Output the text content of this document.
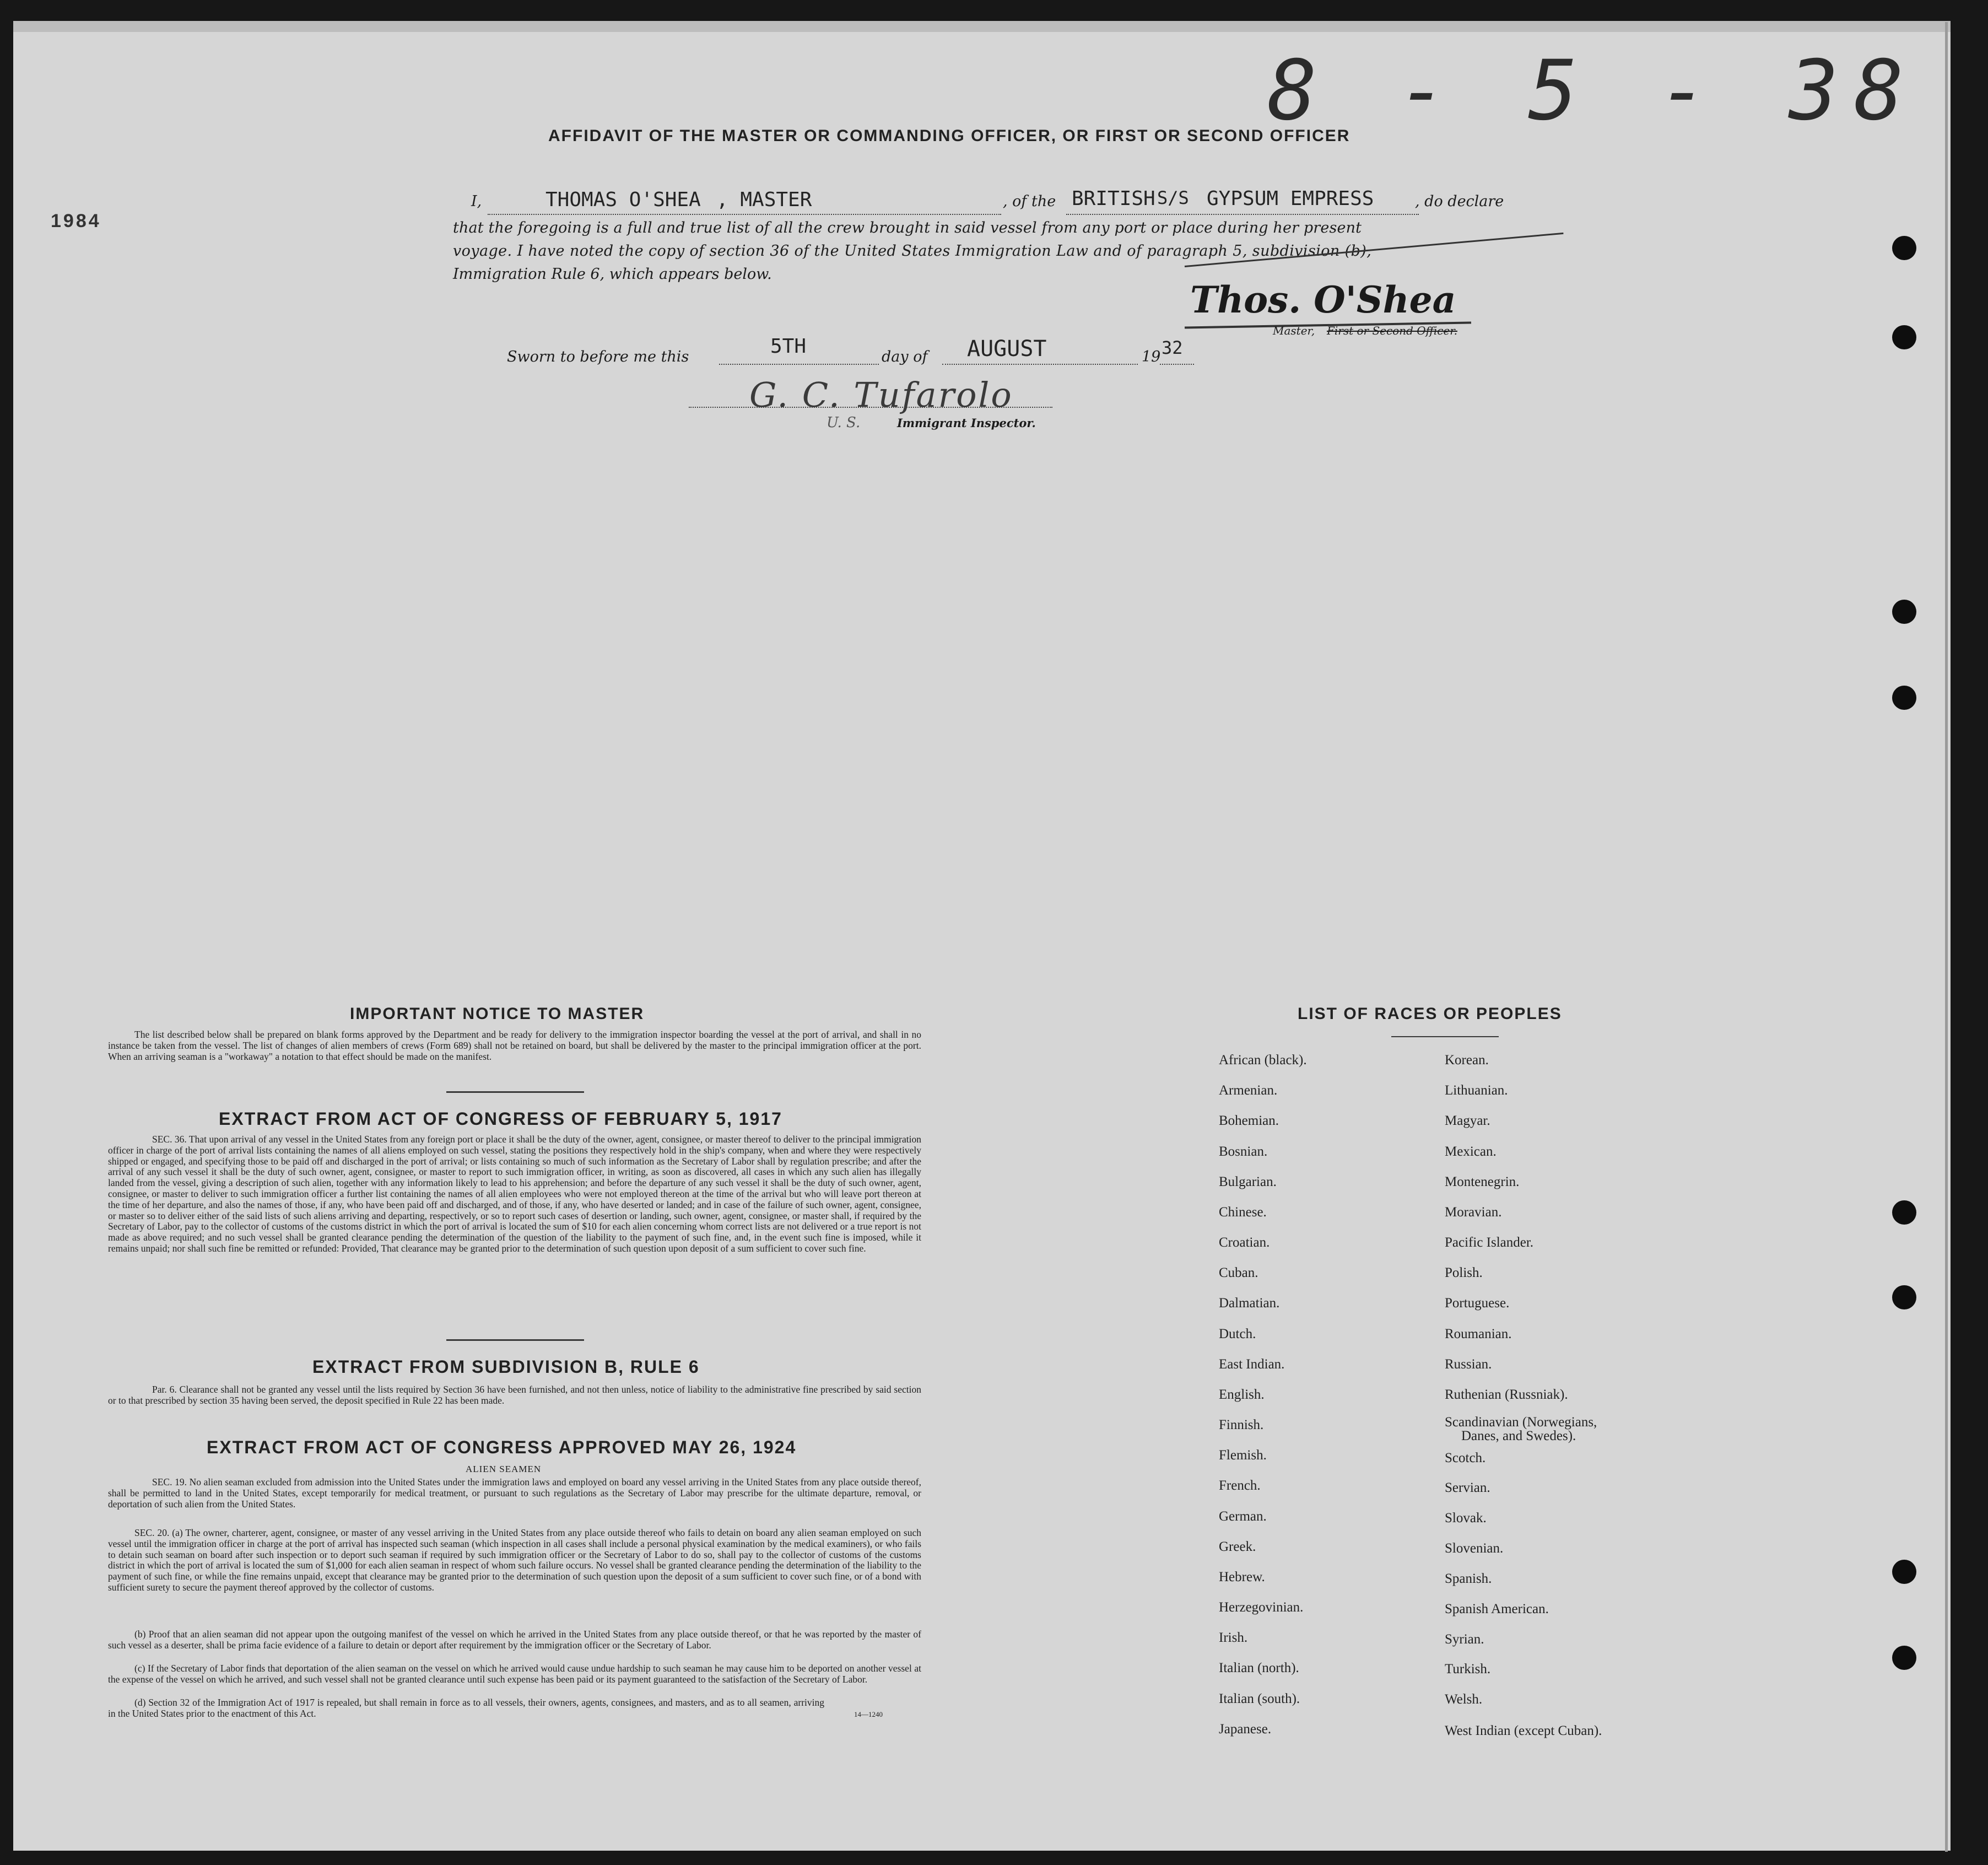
8 - 5 - 38
1984
AFFIDAVIT OF THE MASTER OR COMMANDING OFFICER, OR FIRST OR SECOND OFFICER
I,	THOMAS O'SHEA , MASTER	, of the BRITISH S/S GYPSUM EMPRESS	, do declare
that the foregoing is a full and true list of all the crew brought in said vessel from any port or place during her present
voyage. I have noted the copy of section 36 of the United States Immigration Law and of paragraph 5, subdivision (b),
Immigration Rule 6, which appears below.
Thos. O'Shea
Master, First or Second Officer.
Sworn to before me this	5TH	day of AUGUST	19 32
G. C. Tufarolo
U. S.	Immigrant Inspector.
IMPORTANT NOTICE TO MASTER
The list described below shall be prepared on blank forms approved by the Department and be ready for delivery to the immigration inspector boarding the vessel at the port of arrival, and shall in no instance be taken from the vessel. The list of changes of alien members of crews (Form 689) shall not be retained on board, but shall be delivered by the master to the principal immigration officer at the port. When an arriving seaman is a "workaway" a notation to that effect should be made on the manifest.
EXTRACT FROM ACT OF CONGRESS OF FEBRUARY 5, 1917
SEC. 36. That upon arrival of any vessel in the United States from any foreign port or place it shall be the duty of the owner, agent, consignee, or master thereof to deliver to the principal immigration officer in charge of the port of arrival lists containing the names of all aliens employed on such vessel, stating the positions they respectively hold in the ship's company, when and where they were respectively shipped or engaged, and specifying those to be paid off and discharged in the port of arrival; or lists containing so much of such information as the Secretary of Labor shall by regulation prescribe; and after the arrival of any such vessel it shall be the duty of such owner, agent, consignee, or master to report to such immigration officer, in writing, as soon as discovered, all cases in which any such alien has illegally landed from the vessel, giving a description of such alien, together with any information likely to lead to his apprehension; and before the departure of any such vessel it shall be the duty of such owner, agent, consignee, or master to deliver to such immigration officer a further list containing the names of all alien employees who were not employed thereon at the time of the arrival but who will leave port thereon at the time of her departure, and also the names of those, if any, who have been paid off and discharged, and of those, if any, who have deserted or landed; and in case of the failure of such owner, agent, consignee, or master so to deliver either of the said lists of such aliens arriving and departing, respectively, or so to report such cases of desertion or landing, such owner, agent, consignee, or master shall, if required by the Secretary of Labor, pay to the collector of customs of the customs district in which the port of arrival is located the sum of $10 for each alien concerning whom correct lists are not delivered or a true report is not made as above required; and no such vessel shall be granted clearance pending the determination of the question of the liability to the payment of such fine, and, in the event such fine is imposed, while it remains unpaid; nor shall such fine be remitted or refunded: Provided, That clearance may be granted prior to the determination of such question upon deposit of a sum sufficient to cover such fine.
EXTRACT FROM SUBDIVISION B, RULE 6
Par. 6. Clearance shall not be granted any vessel until the lists required by Section 36 have been furnished, and not then unless, notice of liability to the administrative fine prescribed by said section or to that prescribed by section 35 having been served, the deposit specified in Rule 22 has been made.
EXTRACT FROM ACT OF CONGRESS APPROVED MAY 26, 1924
ALIEN SEAMEN
SEC. 19. No alien seaman excluded from admission into the United States under the immigration laws and employed on board any vessel arriving in the United States from any place outside thereof, shall be permitted to land in the United States, except temporarily for medical treatment, or pursuant to such regulations as the Secretary of Labor may prescribe for the ultimate departure, removal, or deportation of such alien from the United States.
SEC. 20. (a) The owner, charterer, agent, consignee, or master of any vessel arriving in the United States from any place outside thereof who fails to detain on board any alien seaman employed on such vessel until the immigration officer in charge at the port of arrival has inspected such seaman (which inspection in all cases shall include a personal physical examination by the medical examiners), or who fails to detain such seaman on board after such inspection or to deport such seaman if required by such immigration officer or the Secretary of Labor to do so, shall pay to the collector of customs of the customs district in which the port of arrival is located the sum of $1,000 for each alien seaman in respect of whom such failure occurs. No vessel shall be granted clearance pending the determination of the liability to the payment of such fine, or while the fine remains unpaid, except that clearance may be granted prior to the determination of such question upon the deposit of a sum sufficient to cover such fine, or of a bond with sufficient surety to secure the payment thereof approved by the collector of customs.
(b) Proof that an alien seaman did not appear upon the outgoing manifest of the vessel on which he arrived in the United States from any place outside thereof, or that he was reported by the master of such vessel as a deserter, shall be prima facie evidence of a failure to detain or deport after requirement by the immigration officer or the Secretary of Labor.
(c) If the Secretary of Labor finds that deportation of the alien seaman on the vessel on which he arrived would cause undue hardship to such seaman he may cause him to be deported on another vessel at the expense of the vessel on which he arrived, and such vessel shall not be granted clearance until such expense has been paid or its payment guaranteed to the satisfaction of the Secretary of Labor.
(d) Section 32 of the Immigration Act of 1917 is repealed, but shall remain in force as to all vessels, their owners, agents, consignees, and masters, and as to all seamen, arriving in the United States prior to the enactment of this Act.	14—1240
LIST OF RACES OR PEOPLES
African (black).
Armenian.
Bohemian.
Bosnian.
Bulgarian.
Chinese.
Croatian.
Cuban.
Dalmatian.
Dutch.
East Indian.
English.
Finnish.
Flemish.
French.
German.
Greek.
Hebrew.
Herzegovinian.
Irish.
Italian (north).
Italian (south).
Japanese.
Korean.
Lithuanian.
Magyar.
Mexican.
Montenegrin.
Moravian.
Pacific Islander.
Polish.
Portuguese.
Roumanian.
Russian.
Ruthenian (Russniak).
Scandinavian (Norwegians,
Danes, and Swedes).
Scotch.
Servian.
Slovak.
Slovenian.
Spanish.
Spanish American.
Syrian.
Turkish.
Welsh.
West Indian (except Cuban).
